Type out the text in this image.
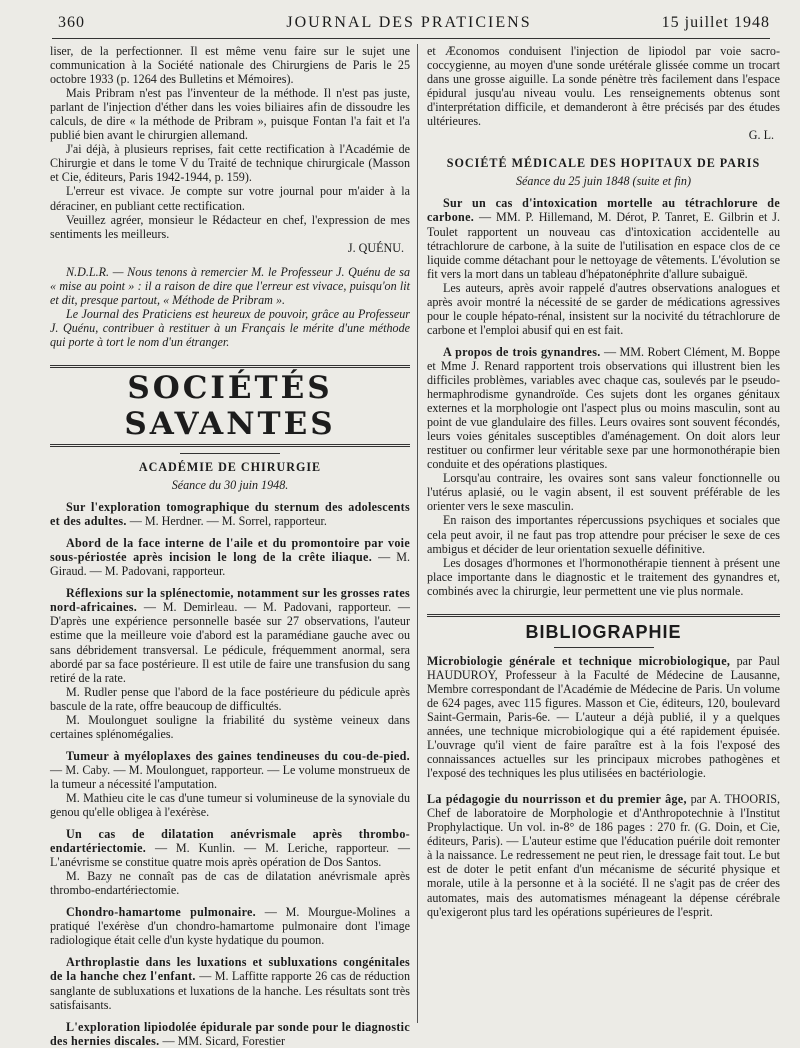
360	JOURNAL DES PRATICIENS	15 juillet 1948

liser, de la perfectionner. Il est même venu faire sur le sujet une communication à la Société nationale des Chirurgiens de Paris le 25 octobre 1933 (p. 1264 des Bulletins et Mémoires).

Mais Pribram n'est pas l'inventeur de la méthode. Il n'est pas juste, parlant de l'injection d'éther dans les voies biliaires afin de dissoudre les calculs, de dire « la méthode de Pribram », puisque Fontan l'a fait et l'a publié bien avant le chirurgien allemand.

J'ai déjà, à plusieurs reprises, fait cette rectification à l'Académie de Chirurgie et dans le tome V du Traité de technique chirurgicale (Masson et Cie, éditeurs, Paris 1942-1944, p. 159).

L'erreur est vivace. Je compte sur votre journal pour m'aider à la déraciner, en publiant cette rectification.

Veuillez agréer, monsieur le Rédacteur en chef, l'expression de mes sentiments les meilleurs.

J. QUÉNU.

N.D.L.R. — Nous tenons à remercier M. le Professeur J. Quénu de sa « mise au point » : il a raison de dire que l'erreur est vivace, puisqu'on lit et dit, presque partout, « Méthode de Pribram ».

Le Journal des Praticiens est heureux de pouvoir, grâce au Professeur J. Quénu, contribuer à restituer à un Français le mérite d'une méthode qui porte à tort le nom d'un étranger.

SOCIÉTÉS SAVANTES
ACADÉMIE DE CHIRURGIE
Séance du 30 juin 1948.

Sur l'exploration tomographique du sternum des adolescents et des adultes. — M. Herdner. — M. Sorrel, rapporteur.

Abord de la face interne de l'aile et du promontoire par voie sous-périostée après incision le long de la crête iliaque. — M. Giraud. — M. Padovani, rapporteur.

Réflexions sur la splénectomie, notamment sur les grosses rates nord-africaines. — M. Demirleau. — M. Padovani, rapporteur. — D'après une expérience personnelle basée sur 27 observations, l'auteur estime que la meilleure voie d'abord est la paramédiane gauche avec ou sans débridement transversal. Le pédicule, fréquemment anormal, sera abordé par sa face postérieure. Il est utile de faire une transfusion du sang retiré de la rate.

M. Rudler pense que l'abord de la face postérieure du pédicule après bascule de la rate, offre beaucoup de difficultés.

M. Moulonguet souligne la friabilité du système veineux dans certaines splénomégalies.

Tumeur à myéloplaxes des gaines tendineuses du cou-de-pied. — M. Caby. — M. Moulonguet, rapporteur. — Le volume monstrueux de la tumeur a nécessité l'amputation.

M. Mathieu cite le cas d'une tumeur si volumineuse de la synoviale du genou qu'elle obligea à l'exérèse.

Un cas de dilatation anévrismale après thrombo-endartériectomie. — M. Kunlin. — M. Leriche, rapporteur. — L'anévrisme se constitue quatre mois après opération de Dos Santos.

M. Bazy ne connaît pas de cas de dilatation anévrismale après thrombo-endartériectomie.

Chondro-hamartome pulmonaire. — M. Mourgue-Molines a pratiqué l'exérèse d'un chondro-hamartome pulmonaire dont l'image radiologique était celle d'un kyste hydatique du poumon.

Arthroplastie dans les luxations et subluxations congénitales de la hanche chez l'enfant. — M. Laffitte rapporte 26 cas de réduction sanglante de subluxations et luxations de la hanche. Les résultats sont très satisfaisants.

L'exploration lipiodolée épidurale par sonde pour le diagnostic des hernies discales. — MM. Sicard, Forestier

et Æconomos conduisent l'injection de lipiodol par voie sacro-coccygienne, au moyen d'une sonde urétérale glissée comme un trocart dans une grosse aiguille. La sonde pénètre très facilement dans l'espace épidural jusqu'au niveau voulu. Les renseignements obtenus sont d'interprétation difficile, et demanderont à être précisés par des études ultérieures.

G. L.

SOCIÉTÉ MÉDICALE DES HOPITAUX DE PARIS
Séance du 25 juin 1848 (suite et fin)

Sur un cas d'intoxication mortelle au tétrachlorure de carbone. — MM. P. Hillemand, M. Dérot, P. Tanret, E. Gilbrin et J. Toulet rapportent un nouveau cas d'intoxication accidentelle au tétrachlorure de carbone, à la suite de l'utilisation en espace clos de ce liquide comme détachant pour le nettoyage de vêtements. L'évolution se fit vers la mort dans un tableau d'hépatonéphrite d'allure subaiguë.

Les auteurs, après avoir rappelé d'autres observations analogues et après avoir montré la nécessité de se garder de médications agressives pour le couple hépato-rénal, insistent sur la nocivité du tétrachlorure de carbone et l'emploi abusif qui en est fait.

A propos de trois gynandres. — MM. Robert Clément, M. Boppe et Mme J. Renard rapportent trois observations qui illustrent bien les difficiles problèmes, variables avec chaque cas, soulevés par le pseudo-hermaphrodisme gynandroïde. Ces sujets dont les organes génitaux externes et la morphologie ont l'aspect plus ou moins masculin, sont au point de vue glandulaire des filles. Leurs ovaires sont souvent fécondés, leurs voies génitales susceptibles d'aménagement. On doit alors leur restituer ou confirmer leur véritable sexe par une hormonothérapie bien conduite et des opérations plastiques.

Lorsqu'au contraire, les ovaires sont sans valeur fonctionnelle ou l'utérus aplasié, ou le vagin absent, il est souvent préférable de les orienter vers le sexe masculin.

En raison des importantes répercussions psychiques et sociales que cela peut avoir, il ne faut pas trop attendre pour préciser le sexe de ces ambigus et décider de leur orientation sexuelle définitive.

Les dosages d'hormones et l'hormonothérapie tiennent à présent une place importante dans le diagnostic et le traitement des gynandres et, combinés avec la chirurgie, leur permettent une vie plus normale.

BIBLIOGRAPHIE

Microbiologie générale et technique microbiologique, par Paul HAUDUROY, Professeur à la Faculté de Médecine de Lausanne, Membre correspondant de l'Académie de Médecine de Paris. Un volume de 624 pages, avec 115 figures. Masson et Cie, éditeurs, 120, boulevard Saint-Germain, Paris-6e. — L'auteur a déjà publié, il y a quelques années, une technique microbiologique qui a été rapidement épuisée. L'ouvrage qu'il vient de faire paraître est à la fois l'exposé des connaissances actuelles sur les principaux microbes pathogènes et l'exposé des techniques les plus utilisées en bactériologie.

La pédagogie du nourrisson et du premier âge, par A. THOORIS, Chef de laboratoire de Morphologie et d'Anthropotechnie à l'Institut Prophylactique. Un vol. in-8° de 186 pages : 270 fr. (G. Doin, et Cie, éditeurs, Paris). — L'auteur estime que l'éducation puérile doit remonter à la naissance. Le redressement ne peut rien, le dressage fait tout. Le but est de doter le petit enfant d'un mécanisme de sécurité physique et morale, utile à la personne et à la société. Il ne s'agit pas de créer des automates, mais des automatismes ménageant la dépense cérébrale qu'exigeront plus tard les opérations supérieures de l'esprit.
